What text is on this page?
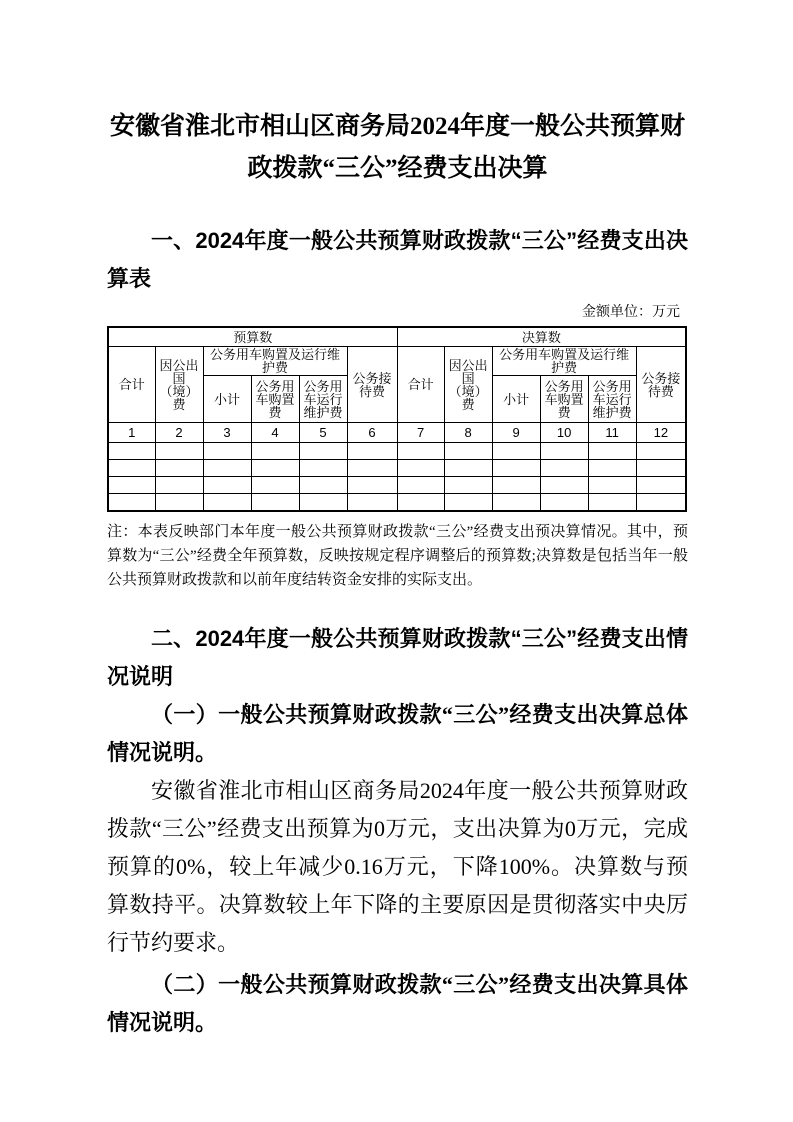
安徽省淮北市相山区商务局2024年度一般公共预算财政拨款“三公”经费支出决算

一、2024年度一般公共预算财政拨款“三公”经费支出决算表

金额单位：万元
预算数						决算数					
合计	因公出国（境）费	公务用车购置及运行维护费			公务接待费	合计	因公出国（境）费	公务用车购置及运行维护费			公务接待费
		小计	公务用车购置费	公务用车运行维护费				小计	公务用车购置费	公务用车运行维护费	
1	2	3	4	5	6	7	8	9	10	11	12

注：本表反映部门本年度一般公共预算财政拨款“三公”经费支出预决算情况。其中，预算数为“三公”经费全年预算数，反映按规定程序调整后的预算数;决算数是包括当年一般公共预算财政拨款和以前年度结转资金安排的实际支出。

二、2024年度一般公共预算财政拨款“三公”经费支出情况说明

（一）一般公共预算财政拨款“三公”经费支出决算总体情况说明。

安徽省淮北市相山区商务局2024年度一般公共预算财政拨款“三公”经费支出预算为0万元，支出决算为0万元，完成预算的0%，较上年减少0.16万元，下降100%。决算数与预算数持平。决算数较上年下降的主要原因是贯彻落实中央厉行节约要求。

（二）一般公共预算财政拨款“三公”经费支出决算具体情况说明。
